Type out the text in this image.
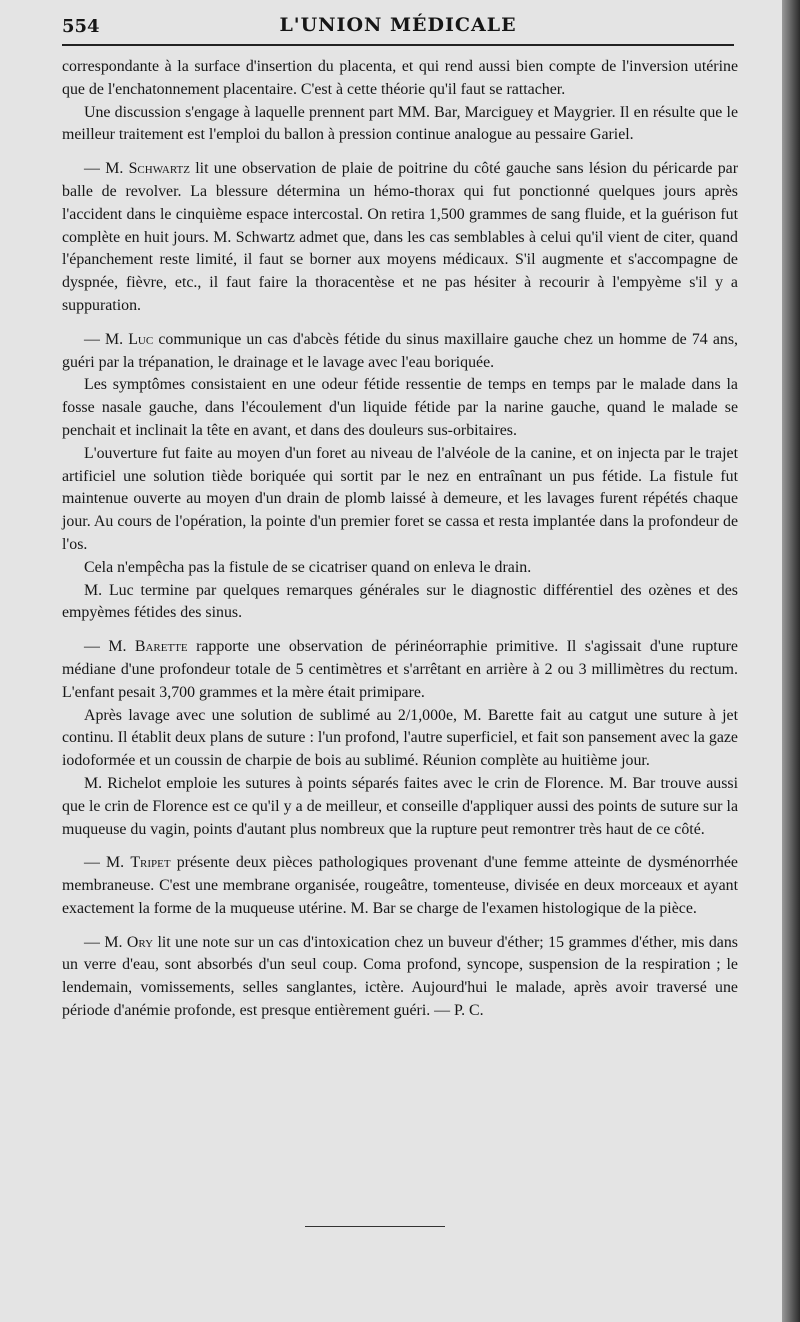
554	L'UNION MÉDICALE

correspondante à la surface d'insertion du placenta, et qui rend aussi bien compte de l'inversion utérine que de l'enchatonnement placentaire. C'est à cette théorie qu'il faut se rattacher.

Une discussion s'engage à laquelle prennent part MM. Bar, Marciguey et Maygrier. Il en résulte que le meilleur traitement est l'emploi du ballon à pression continue analogue au pessaire Gariel.

— M. Schwartz lit une observation de plaie de poitrine du côté gauche sans lésion du péricarde par balle de revolver. La blessure détermina un hémo-thorax qui fut ponctionné quelques jours après l'accident dans le cinquième espace intercostal. On retira 1,500 grammes de sang fluide, et la guérison fut complète en huit jours. M. Schwartz admet que, dans les cas semblables à celui qu'il vient de citer, quand l'épanchement reste limité, il faut se borner aux moyens médicaux. S'il augmente et s'accompagne de dyspnée, fièvre, etc., il faut faire la thoracentèse et ne pas hésiter à recourir à l'empyème s'il y a suppuration.

— M. Luc communique un cas d'abcès fétide du sinus maxillaire gauche chez un homme de 74 ans, guéri par la trépanation, le drainage et le lavage avec l'eau boriquée.

Les symptômes consistaient en une odeur fétide ressentie de temps en temps par le malade dans la fosse nasale gauche, dans l'écoulement d'un liquide fétide par la narine gauche, quand le malade se penchait et inclinait la tête en avant, et dans des douleurs sus-orbitaires.

L'ouverture fut faite au moyen d'un foret au niveau de l'alvéole de la canine, et on injecta par le trajet artificiel une solution tiède boriquée qui sortit par le nez en entraînant un pus fétide. La fistule fut maintenue ouverte au moyen d'un drain de plomb laissé à demeure, et les lavages furent répétés chaque jour. Au cours de l'opération, la pointe d'un premier foret se cassa et resta implantée dans la profondeur de l'os.

Cela n'empêcha pas la fistule de se cicatriser quand on enleva le drain.

M. Luc termine par quelques remarques générales sur le diagnostic différentiel des ozènes et des empyèmes fétides des sinus.

— M. Barette rapporte une observation de périnéorraphie primitive. Il s'agissait d'une rupture médiane d'une profondeur totale de 5 centimètres et s'arrêtant en arrière à 2 ou 3 millimètres du rectum. L'enfant pesait 3,700 grammes et la mère était primipare.

Après lavage avec une solution de sublimé au 2/1,000e, M. Barette fait au catgut une suture à jet continu. Il établit deux plans de suture : l'un profond, l'autre superficiel, et fait son pansement avec la gaze iodoformée et un coussin de charpie de bois au sublimé. Réunion complète au huitième jour.

M. Richelot emploie les sutures à points séparés faites avec le crin de Florence. M. Bar trouve aussi que le crin de Florence est ce qu'il y a de meilleur, et conseille d'appliquer aussi des points de suture sur la muqueuse du vagin, points d'autant plus nombreux que la rupture peut remontrer très haut de ce côté.

— M. Tripet présente deux pièces pathologiques provenant d'une femme atteinte de dysménorrhée membraneuse. C'est une membrane organisée, rougeâtre, tomenteuse, divisée en deux morceaux et ayant exactement la forme de la muqueuse utérine. M. Bar se charge de l'examen histologique de la pièce.

— M. Ory lit une note sur un cas d'intoxication chez un buveur d'éther; 15 grammes d'éther, mis dans un verre d'eau, sont absorbés d'un seul coup. Coma profond, syncope, suspension de la respiration ; le lendemain, vomissements, selles sanglantes, ictère. Aujourd'hui le malade, après avoir traversé une période d'anémie profonde, est presque entièrement guéri. — P. C.
